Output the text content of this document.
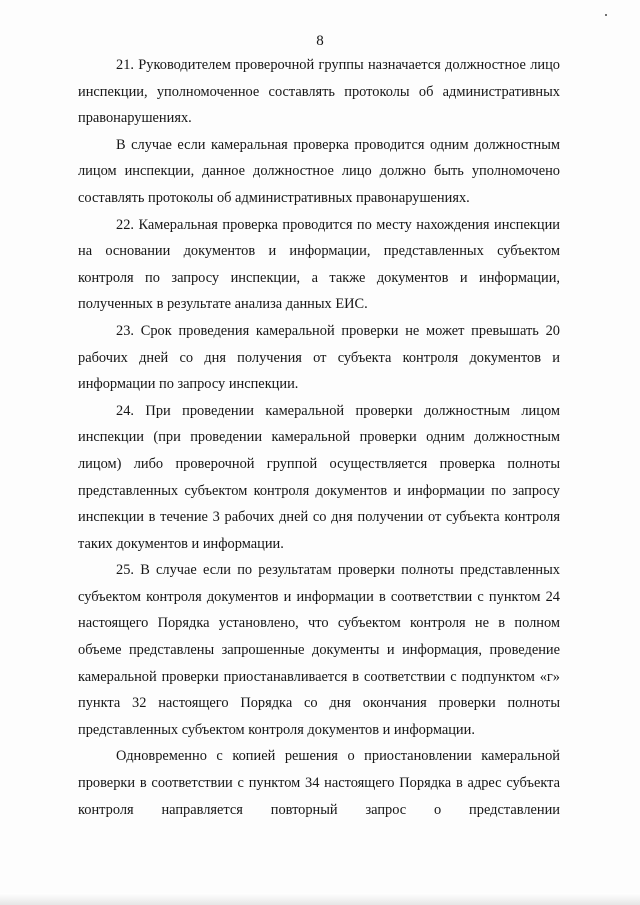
8

21. Руководителем проверочной группы назначается должностное лицо инспекции, уполномоченное составлять протоколы об административных правонарушениях.

В случае если камеральная проверка проводится одним должностным лицом инспекции, данное должностное лицо должно быть уполномочено составлять протоколы об административных правонарушениях.

22. Камеральная проверка проводится по месту нахождения инспекции на основании документов и информации, представленных субъектом контроля по запросу инспекции, а также документов и информации, полученных в результате анализа данных ЕИС.

23. Срок проведения камеральной проверки не может превышать 20 рабочих дней со дня получения от субъекта контроля документов и информации по запросу инспекции.

24. При проведении камеральной проверки должностным лицом инспекции (при проведении камеральной проверки одним должностным лицом) либо проверочной группой осуществляется проверка полноты представленных субъектом контроля документов и информации по запросу инспекции в течение 3 рабочих дней со дня получении от субъекта контроля таких документов и информации.

25. В случае если по результатам проверки полноты представленных субъектом контроля документов и информации в соответствии с пунктом 24 настоящего Порядка установлено, что субъектом контроля не в полном объеме представлены запрошенные документы и информация, проведение камеральной проверки приостанавливается в соответствии с подпунктом «г» пункта 32 настоящего Порядка со дня окончания проверки полноты представленных субъектом контроля документов и информации.

Одновременно с копией решения о приостановлении камеральной проверки в соответствии с пунктом 34 настоящего Порядка в адрес субъекта контроля направляется повторный запрос о представлении
